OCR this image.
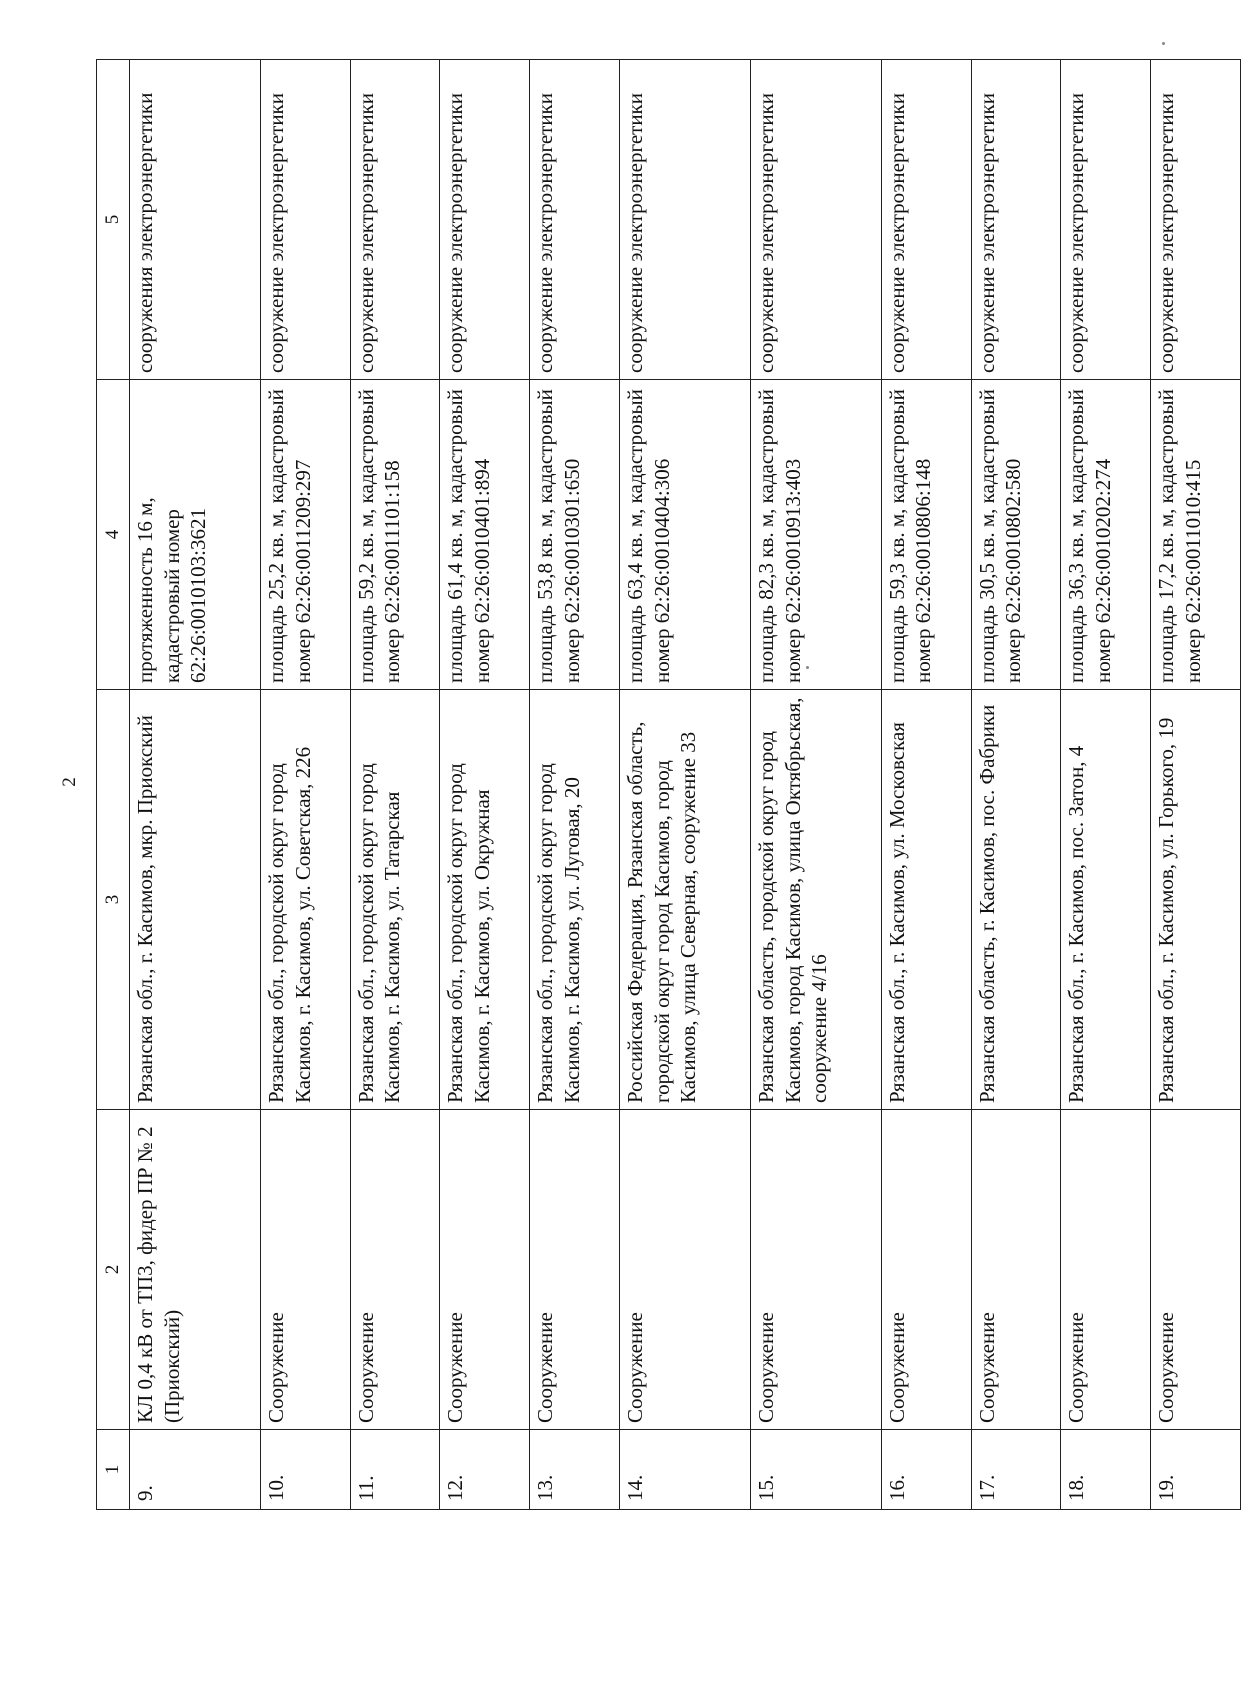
2
1	2	3	4	5
9.	КЛ 0,4 кВ от ТП3, фидер ПР № 2 (Приокский)	Рязанская обл., г. Касимов, мкр. Приокский	протяженность 16 м, кадастровый номер 62:26:0010103:3621	сооружения электроэнергетики
10.	Сооружение	Рязанская обл., городской округ город Касимов, г. Касимов, ул. Советская, 226	площадь 25,2 кв. м, кадастровый номер 62:26:0011209:297	сооружение электроэнергетики
11.	Сооружение	Рязанская обл., городской округ город Касимов, г. Касимов, ул. Татарская	площадь 59,2 кв. м, кадастровый номер 62:26:0011101:158	сооружение электроэнергетики
12.	Сооружение	Рязанская обл., городской округ город Касимов, г. Касимов, ул. Окружная	площадь 61,4 кв. м, кадастровый номер 62:26:0010401:894	сооружение электроэнергетики
13.	Сооружение	Рязанская обл., городской округ город Касимов, г. Касимов, ул. Луговая, 20	площадь 53,8 кв. м, кадастровый номер 62:26:0010301:650	сооружение электроэнергетики
14.	Сооружение	Российская Федерация, Рязанская область, городской округ город Касимов, город Касимов, улица Северная, сооружение 33	площадь 63,4 кв. м, кадастровый номер 62:26:0010404:306	сооружение электроэнергетики
15.	Сооружение	Рязанская область, городской округ город Касимов, город Касимов, улица Октябрьская, сооружение 4/16	площадь 82,3 кв. м, кадастровый номер 62:26:0010913:403	сооружение электроэнергетики
16.	Сооружение	Рязанская обл., г. Касимов, ул. Московская	площадь 59,3 кв. м, кадастровый номер 62:26:0010806:148	сооружение электроэнергетики
17.	Сооружение	Рязанская область, г. Касимов, пос. Фабрики	площадь 30,5 кв. м, кадастровый номер 62:26:0010802:580	сооружение электроэнергетики
18.	Сооружение	Рязанская обл., г. Касимов, пос. Затон, 4	площадь 36,3 кв. м, кадастровый номер 62:26:0010202:274	сооружение электроэнергетики
19.	Сооружение	Рязанская обл., г. Касимов, ул. Горького, 19	площадь 17,2 кв. м, кадастровый номер 62:26:0011010:415	сооружение электроэнергетики
